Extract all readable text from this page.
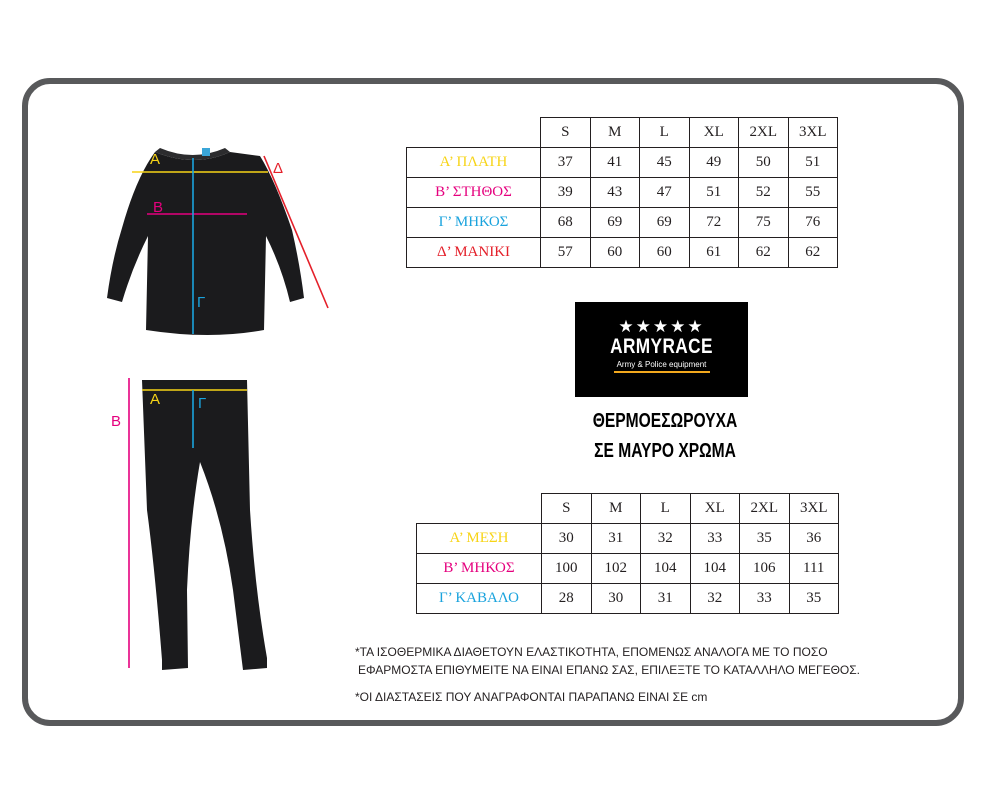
Α
Β
Γ
Δ
Α
Β
Γ
	S	M	L	XL	2XL	3XL
Α’ ΠΛΑΤΗ	37	41	45	49	50	51
Β’ ΣΤΗΘΟΣ	39	43	47	51	52	55
Γ’ ΜΗΚΟΣ	68	69	69	72	75	76
Δ’ ΜΑΝΙΚΙ	57	60	60	61	62	62
★★★★★
ARMYRACE
Army & Police equipment
ΘΕΡΜΟΕΣΩΡΟΥΧΑ
ΣΕ ΜΑΥΡΟ ΧΡΩΜΑ
	S	M	L	XL	2XL	3XL
Α’ ΜΕΣΗ	30	31	32	33	35	36
Β’ ΜΗΚΟΣ	100	102	104	104	106	111
Γ’ ΚΑΒΑΛΟ	28	30	31	32	33	35
*ΤΑ ΙΣΟΘΕΡΜΙΚΑ ΔΙΑΘΕΤΟΥΝ ΕΛΑΣΤΙΚΟΤΗΤΑ, ΕΠΟΜΕΝΩΣ ΑΝΑΛΟΓΑ ΜΕ ΤΟ ΠΟΣΟ
ΕΦΑΡΜΟΣΤΑ ΕΠΙΘΥΜΕΙΤΕ ΝΑ ΕΙΝΑΙ ΕΠΑΝΩ ΣΑΣ, ΕΠΙΛΕΞΤΕ ΤΟ ΚΑΤΑΛΛΗΛΟ ΜΕΓΕΘΟΣ.
*ΟΙ ΔΙΑΣΤΑΣΕΙΣ ΠΟΥ ΑΝΑΓΡΑΦΟΝΤΑΙ ΠΑΡΑΠΑΝΩ ΕΙΝΑΙ ΣΕ cm
